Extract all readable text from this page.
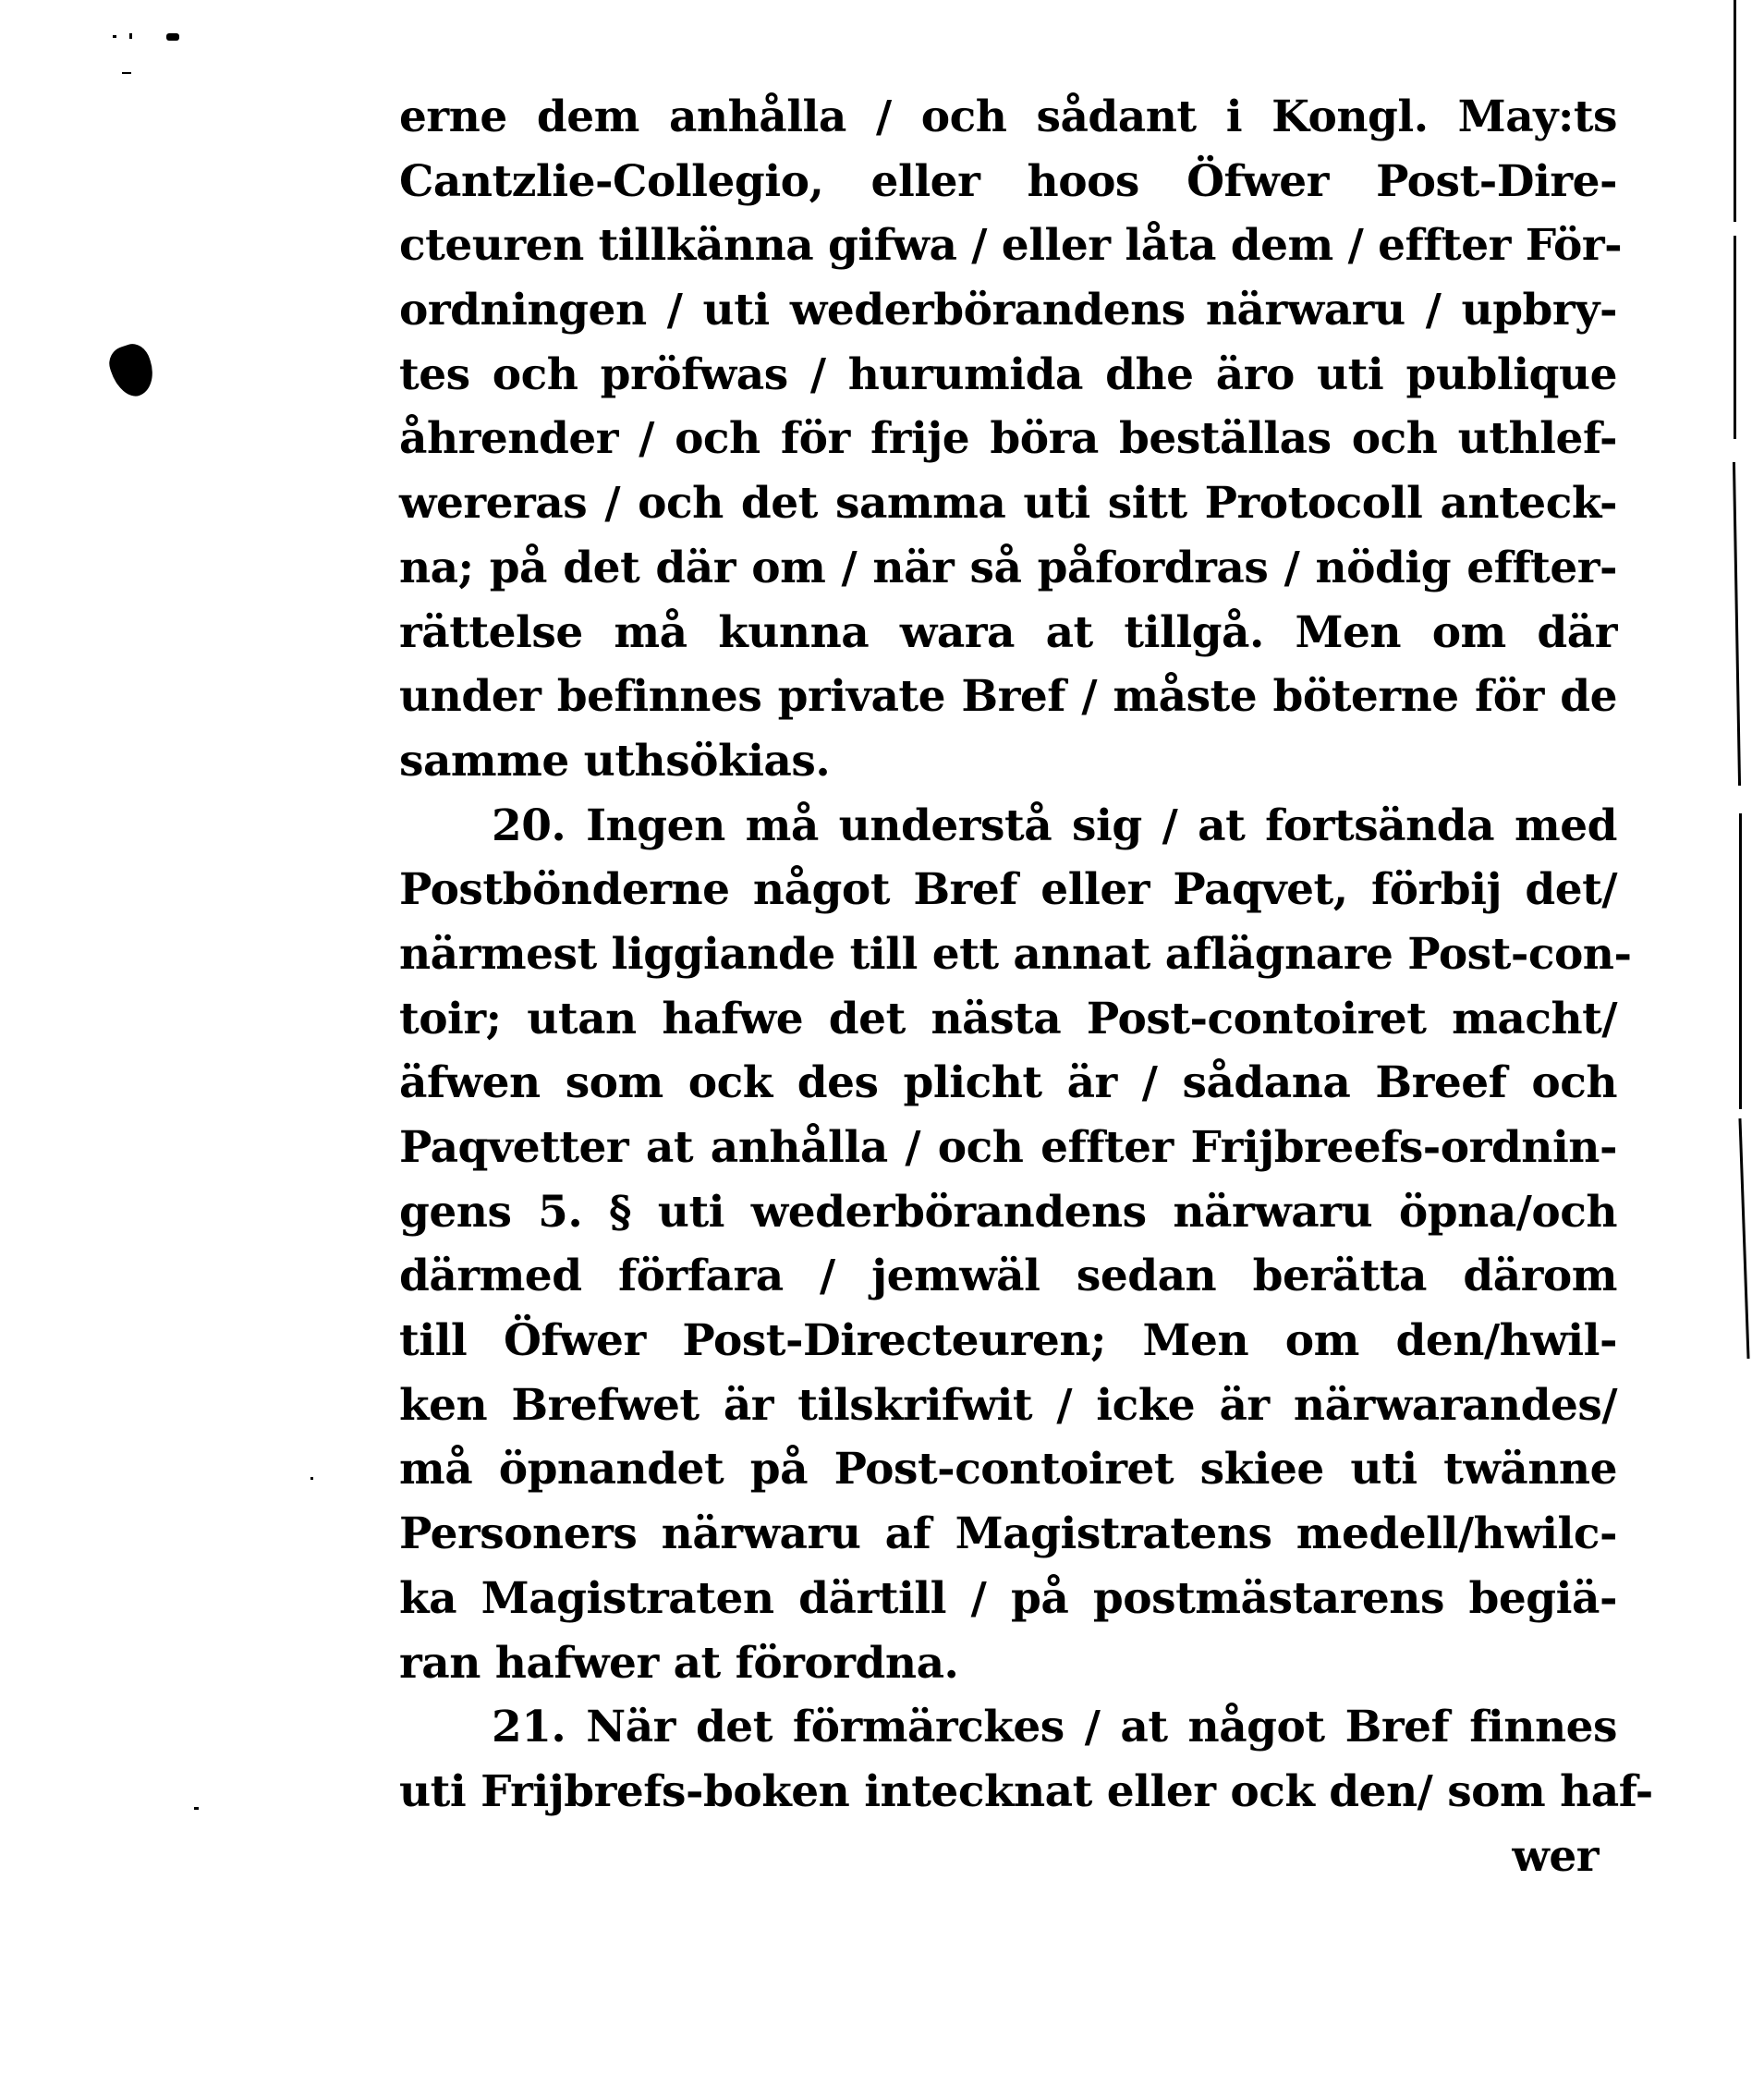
erne dem anhålla / och sådant i Kongl. May:ts
Cantzlie-Collegio, eller hoos Öfwer Post-Dire-
cteuren tillkänna gifwa / eller låta dem / effter För-
ordningen / uti wederbörandens närwaru / upbry-
tes och pröfwas / hurumida dhe äro uti publique
åhrender / och för frije böra beställas och uthlef-
wereras / och det samma uti sitt Protocoll anteck-
na; på det där om / när så påfordras / nödig effter-
rättelse må kunna wara at tillgå. Men om där
under befinnes private Bref / måste böterne för de
samme uthsökias.
20. Ingen må understå sig / at fortsända med
Postbönderne något Bref eller Paqvet, förbij det/
närmest liggiande till ett annat aflägnare Post-con-
toir; utan hafwe det nästa Post-contoiret macht/
äfwen som ock des plicht är / sådana Breef och
Paqvetter at anhålla / och effter Frijbreefs-ordnin-
gens 5. § uti wederbörandens närwaru öpna/och
därmed förfara / jemwäl sedan berätta därom
till Öfwer Post-Directeuren; Men om den/hwil-
ken Brefwet är tilskrifwit / icke är närwarandes/
må öpnandet på Post-contoiret skiee uti twänne
Personers närwaru af Magistratens medell/hwilc-
ka Magistraten därtill / på postmästarens begiä-
ran hafwer at förordna.
21. När det förmärckes / at något Bref finnes
uti Frijbrefs-boken intecknat eller ock den/ som haf-
wer
